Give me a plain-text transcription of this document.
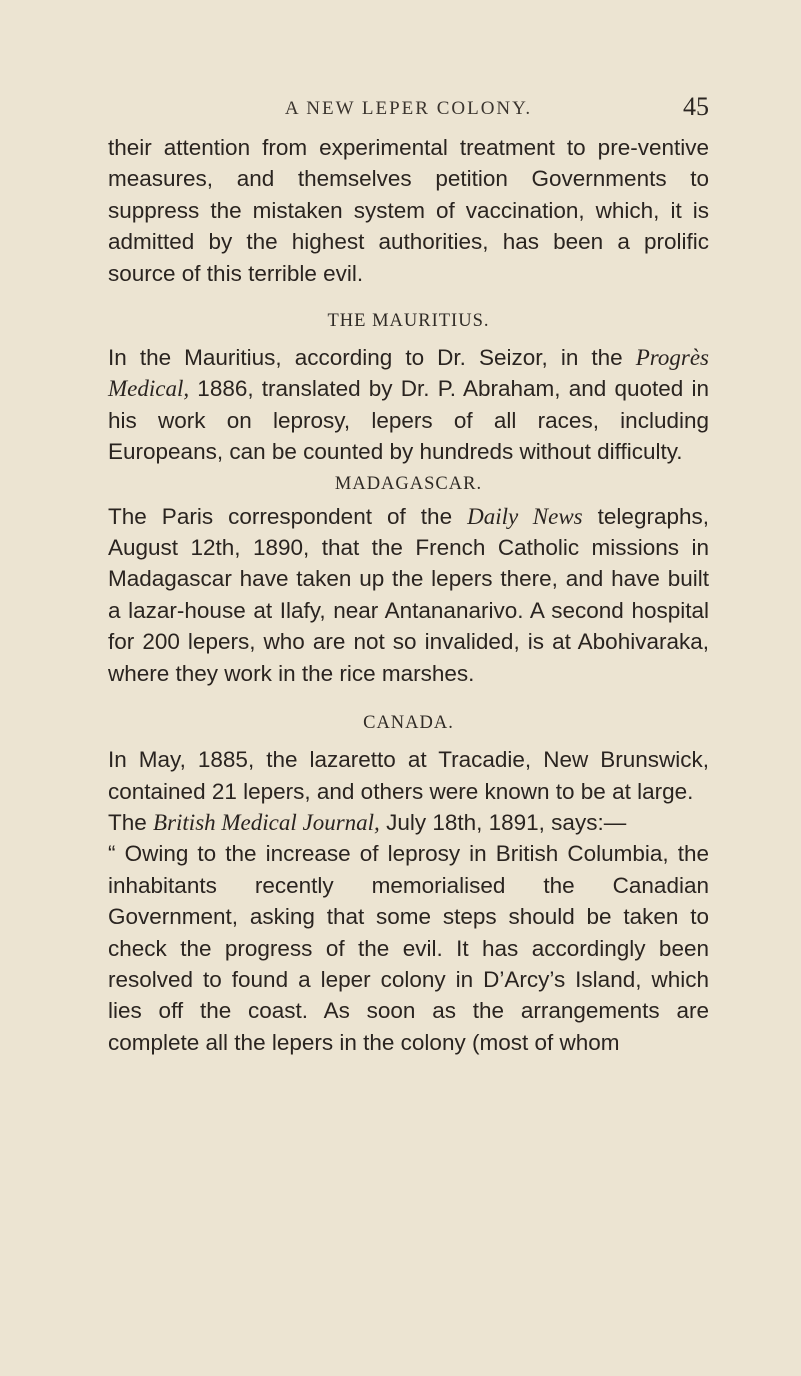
A NEW LEPER COLONY.	45

their attention from experimental treatment to pre-ventive measures, and themselves petition Governments to suppress the mistaken system of vaccination, which, it is admitted by the highest authorities, has been a prolific source of this terrible evil.

THE MAURITIUS.

In the Mauritius, according to Dr. Seizor, in the Progrès Medical, 1886, translated by Dr. P. Abraham, and quoted in his work on leprosy, lepers of all races, including Europeans, can be counted by hundreds without difficulty.

MADAGASCAR.

The Paris correspondent of the Daily News telegraphs, August 12th, 1890, that the French Catholic missions in Madagascar have taken up the lepers there, and have built a lazar-house at Ilafy, near Antananarivo. A second hospital for 200 lepers, who are not so invalided, is at Abohivaraka, where they work in the rice marshes.

CANADA.

In May, 1885, the lazaretto at Tracadie, New Brunswick, contained 21 lepers, and others were known to be at large.

The British Medical Journal, July 18th, 1891, says:—

“ Owing to the increase of leprosy in British Columbia, the inhabitants recently memorialised the Canadian Government, asking that some steps should be taken to check the progress of the evil. It has accordingly been resolved to found a leper colony in D’Arcy’s Island, which lies off the coast. As soon as the arrangements are complete all the lepers in the colony (most of whom
